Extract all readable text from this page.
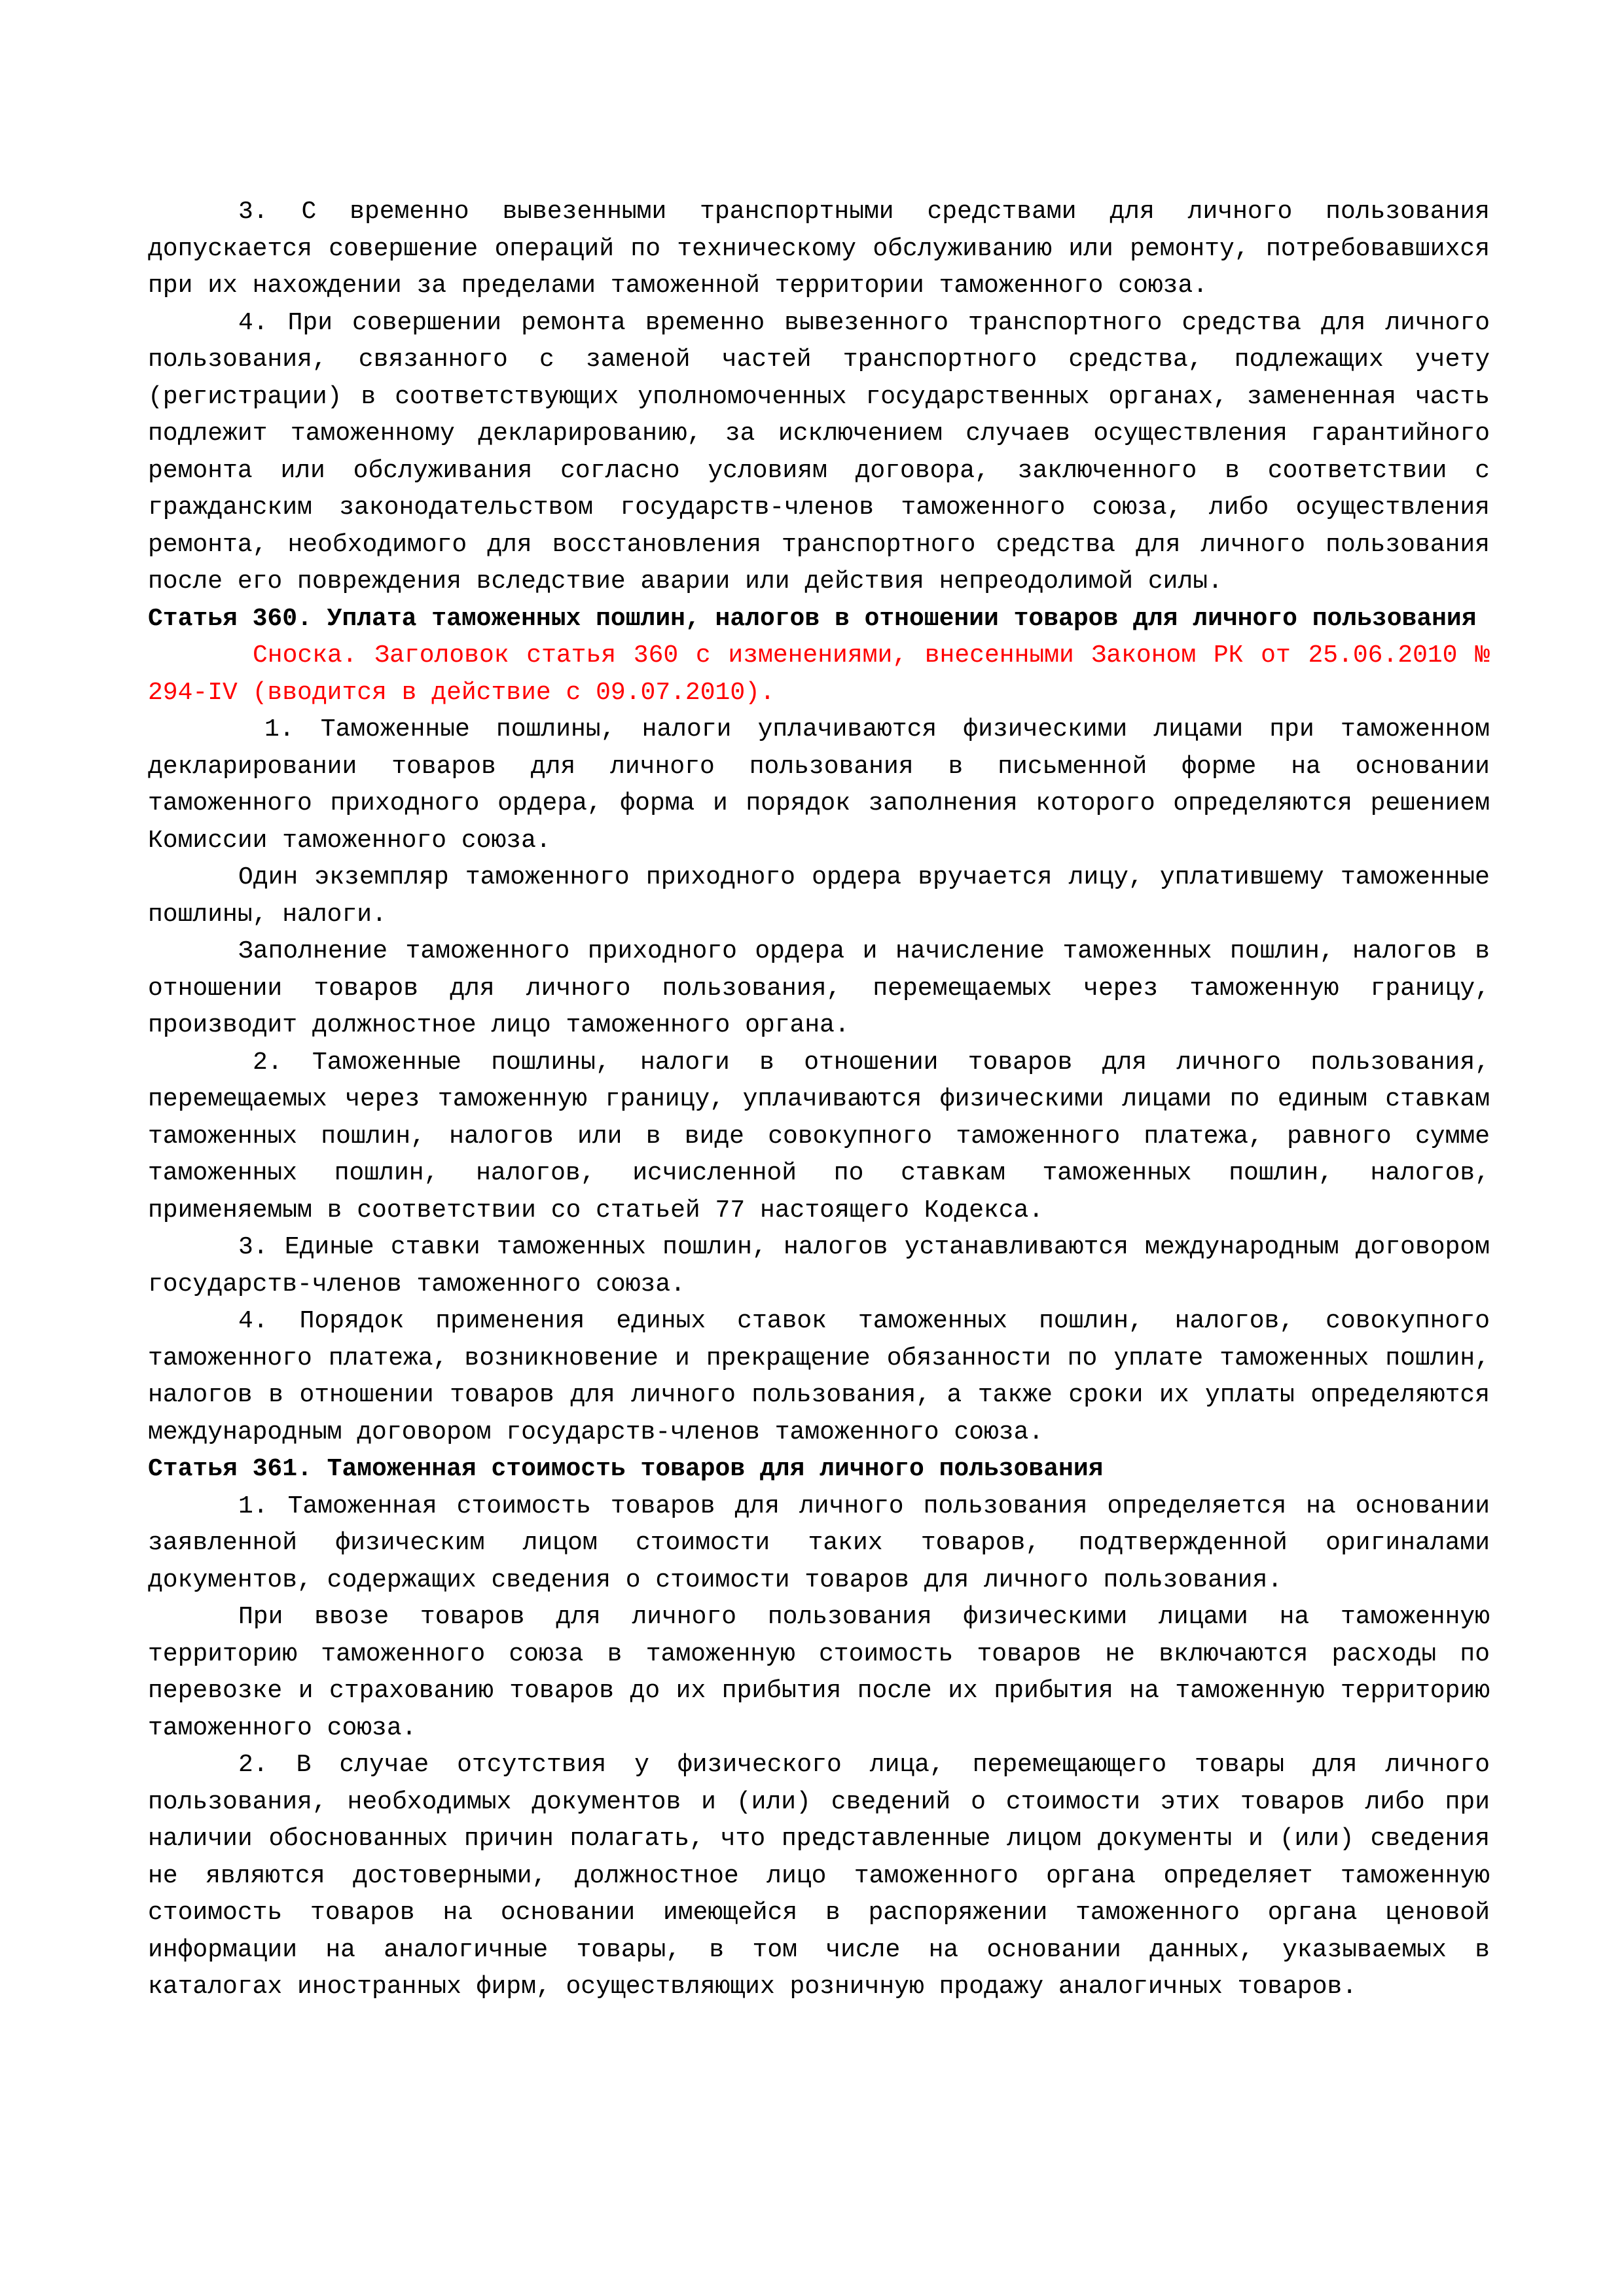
3. С временно вывезенными транспортными средствами для личного пользования допускается совершение операций по техническому обслуживанию или ремонту, потребовавшихся при их нахождении за пределами таможенной территории таможенного союза.

4. При совершении ремонта временно вывезенного транспортного средства для личного пользования, связанного с заменой частей транспортного средства, подлежащих учету (регистрации) в соответствующих уполномоченных государственных органах, замененная часть подлежит таможенному декларированию, за исключением случаев осуществления гарантийного ремонта или обслуживания согласно условиям договора, заключенного в соответствии с гражданским законодательством государств-членов таможенного союза, либо осуществления ремонта, необходимого для восстановления транспортного средства для личного пользования после его повреждения вследствие аварии или действия непреодолимой силы.

Статья 360. Уплата таможенных пошлин, налогов в отношении товаров для личного пользования

Сноска. Заголовок статья 360 с изменениями, внесенными Законом РК от 25.06.2010 № 294-IV (вводится в действие с 09.07.2010).

1. Таможенные пошлины, налоги уплачиваются физическими лицами при таможенном декларировании товаров для личного пользования в письменной форме на основании таможенного приходного ордера, форма и порядок заполнения которого определяются решением Комиссии таможенного союза.

Один экземпляр таможенного приходного ордера вручается лицу, уплатившему таможенные пошлины, налоги.

Заполнение таможенного приходного ордера и начисление таможенных пошлин, налогов в отношении товаров для личного пользования, перемещаемых через таможенную границу, производит должностное лицо таможенного органа.

2. Таможенные пошлины, налоги в отношении товаров для личного пользования, перемещаемых через таможенную границу, уплачиваются физическими лицами по единым ставкам таможенных пошлин, налогов или в виде совокупного таможенного платежа, равного сумме таможенных пошлин, налогов, исчисленной по ставкам таможенных пошлин, налогов, применяемым в соответствии со статьей 77 настоящего Кодекса.

3. Единые ставки таможенных пошлин, налогов устанавливаются международным договором государств-членов таможенного союза.

4. Порядок применения единых ставок таможенных пошлин, налогов, совокупного таможенного платежа, возникновение и прекращение обязанности по уплате таможенных пошлин, налогов в отношении товаров для личного пользования, а также сроки их уплаты определяются международным договором государств-членов таможенного союза.

Статья 361. Таможенная стоимость товаров для личного пользования

1. Таможенная стоимость товаров для личного пользования определяется на основании заявленной физическим лицом стоимости таких товаров, подтвержденной оригиналами документов, содержащих сведения о стоимости товаров для личного пользования.

При ввозе товаров для личного пользования физическими лицами на таможенную территорию таможенного союза в таможенную стоимость товаров не включаются расходы по перевозке и страхованию товаров до их прибытия после их прибытия на таможенную территорию таможенного союза.

2. В случае отсутствия у физического лица, перемещающего товары для личного пользования, необходимых документов и (или) сведений о стоимости этих товаров либо при наличии обоснованных причин полагать, что представленные лицом документы и (или) сведения не являются достоверными, должностное лицо таможенного органа определяет таможенную стоимость товаров на основании имеющейся в распоряжении таможенного органа ценовой информации на аналогичные товары, в том числе на основании данных, указываемых в каталогах иностранных фирм, осуществляющих розничную продажу аналогичных товаров.
